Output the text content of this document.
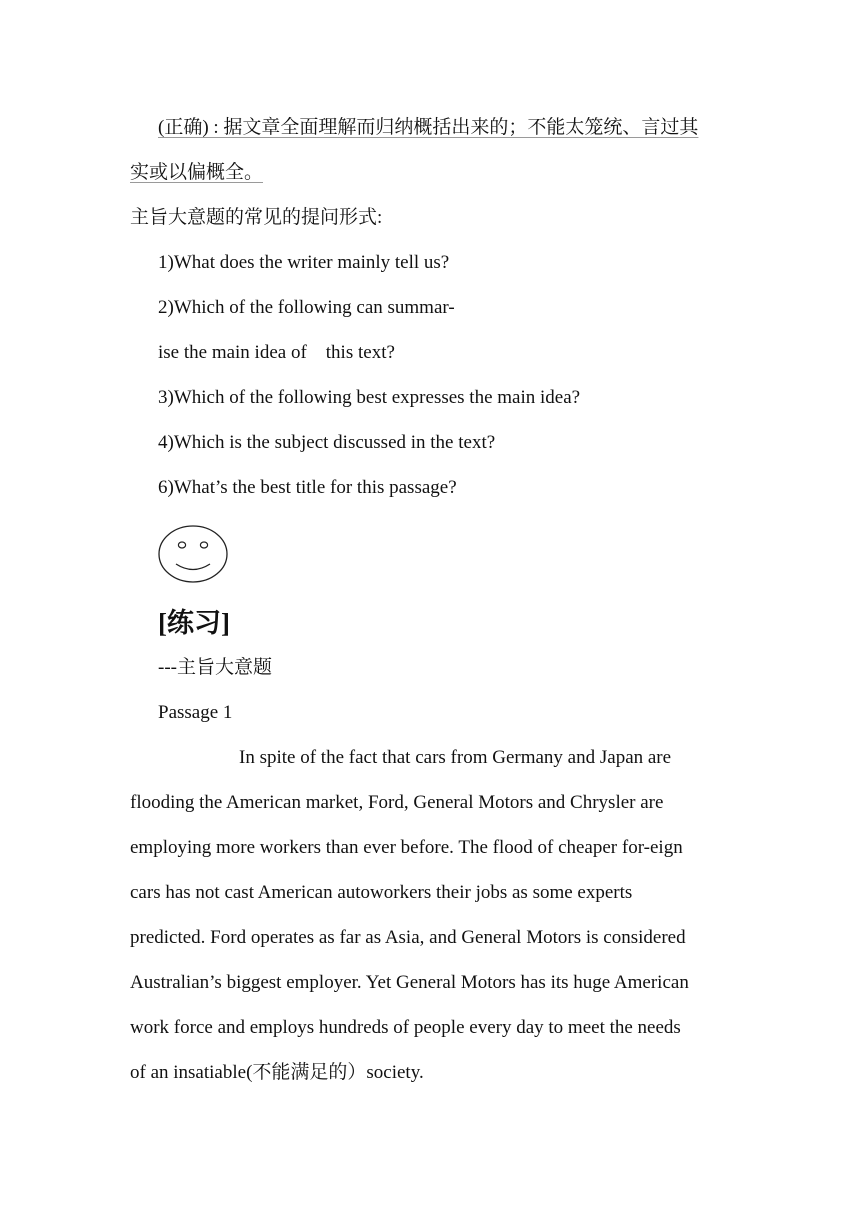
(正确) : 据文章全面理解而归纳概括出来的；不能太笼统、言过其
实或以偏概全。
主旨大意题的常见的提问形式:
1)What does the writer mainly tell us?
2)Which of the following can summar-
ise the main idea of    this text?
3)Which of the following best expresses the main idea?
4)Which is the subject discussed in the text?
6)What’s the best title for this passage?
[练习]
---主旨大意题
Passage 1
In spite of the fact that cars from Germany and Japan are
flooding the American market, Ford, General Motors and Chrysler are
employing more workers than ever before. The flood of cheaper for-eign
cars has not cast American autoworkers their jobs as some experts
predicted. Ford operates as far as Asia, and General Motors is considered
Australian’s biggest employer. Yet General Motors has its huge American
work force and employs hundreds of people every day to meet the needs
of an insatiable(不能满足的）society.
